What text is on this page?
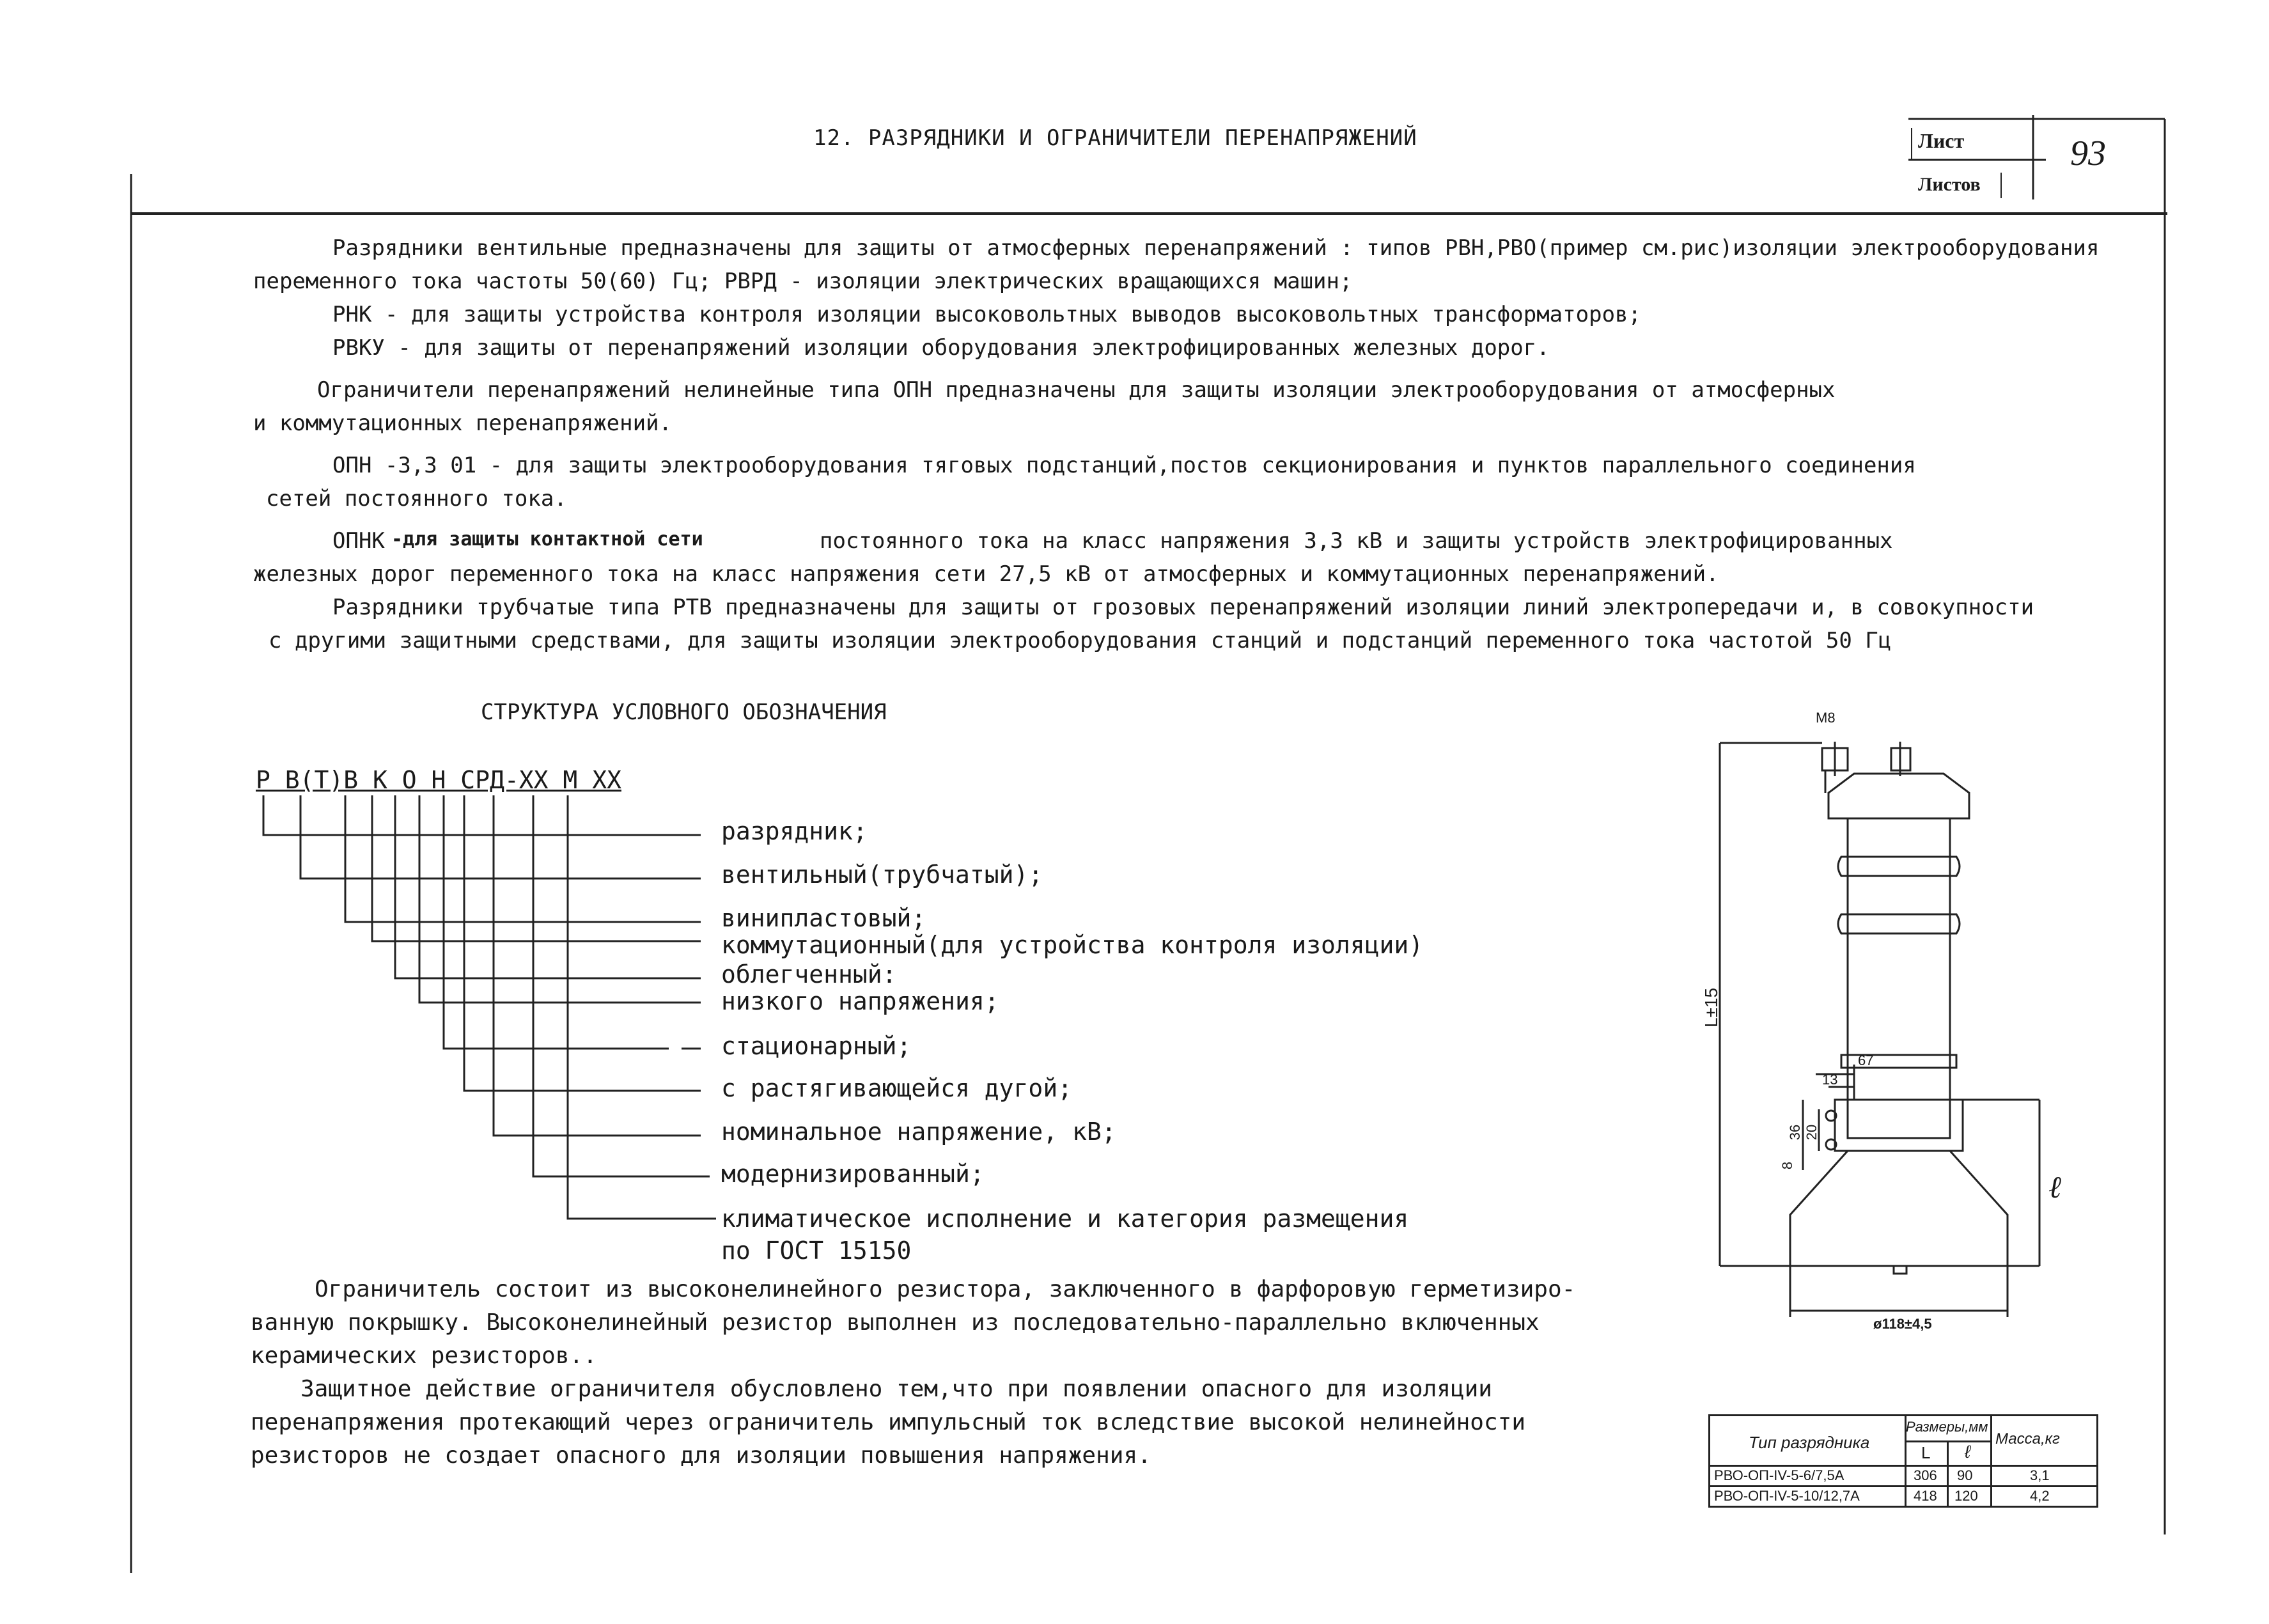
12. РАЗРЯДНИКИ И ОГРАНИЧИТЕЛИ ПЕРЕНАПРЯЖЕНИЙ	Лист
Листов
93
Разрядники вентильные предназначены для защиты от атмосферных перенапряжений : типов РВН,РВО(пример см.рис)изоляции электрооборудования
переменного тока частоты 50(60) Гц; РВРД - изоляции электрических вращающихся машин;
РНК - для защиты устройства контроля изоляции высоковольтных выводов высоковольтных трансформаторов;
РВКУ - для защиты от перенапряжений изоляции оборудования электрофицированных железных дорог.
Ограничители перенапряжений нелинейные типа ОПН предназначены для защиты изоляции электрооборудования от атмосферных
и коммутационных перенапряжений.
ОПН -3,3 01 - для защиты электрооборудования тяговых подстанций,постов секционирования и пунктов параллельного соединения
сетей постоянного тока.
ОПНК -для защиты контактной сети	постоянного тока на класс напряжения 3,3 кВ и защиты устройств электрофицированных
железных дорог переменного тока на класс напряжения сети 27,5 кВ от атмосферных и коммутационных перенапряжений.
Разрядники трубчатые типа РТВ предназначены для защиты от грозовых перенапряжений изоляции линий электропередачи и, в совокупности
с другими защитными средствами, для защиты изоляции электрооборудования станций и подстанций переменного тока частотой 50 Гц
СТРУКТУРА УСЛОВНОГО ОБОЗНАЧЕНИЯ
Р В(Т)В К О Н СРД-ХХ М ХХ
разрядник;
вентильный(трубчатый);
винипластовый;
коммутационный(для устройства контроля изоляции)
облегченный:
низкого напряжения;
стационарный;
с растягивающейся дугой;
номинальное напряжение, кВ;
модернизированный;
климатическое исполнение и категория размещения
по ГОСТ 15150
Ограничитель состоит из высоконелинейного резистора, заключенного в фарфоровую герметизиро-
ванную покрышку. Высоконелинейный резистор выполнен из последовательно-параллельно включенных
керамических резисторов..
Защитное действие ограничителя обусловлено тем,что при появлении опасного для изоляции
перенапряжения протекающий через ограничитель импульсный ток вследствие высокой нелинейности
резисторов не создает опасного для изоляции повышения напряжения.
М8
L±15
67
13
36 20
8
ℓ
ø118±4,5
Тип разрядника
Размеры,мм
L ℓ
Масса,кг
РВО-ОП-IV-5-6/7,5А	306 90	3,1
РВО-ОП-IV-5-10/12,7А	418 120	4,2
